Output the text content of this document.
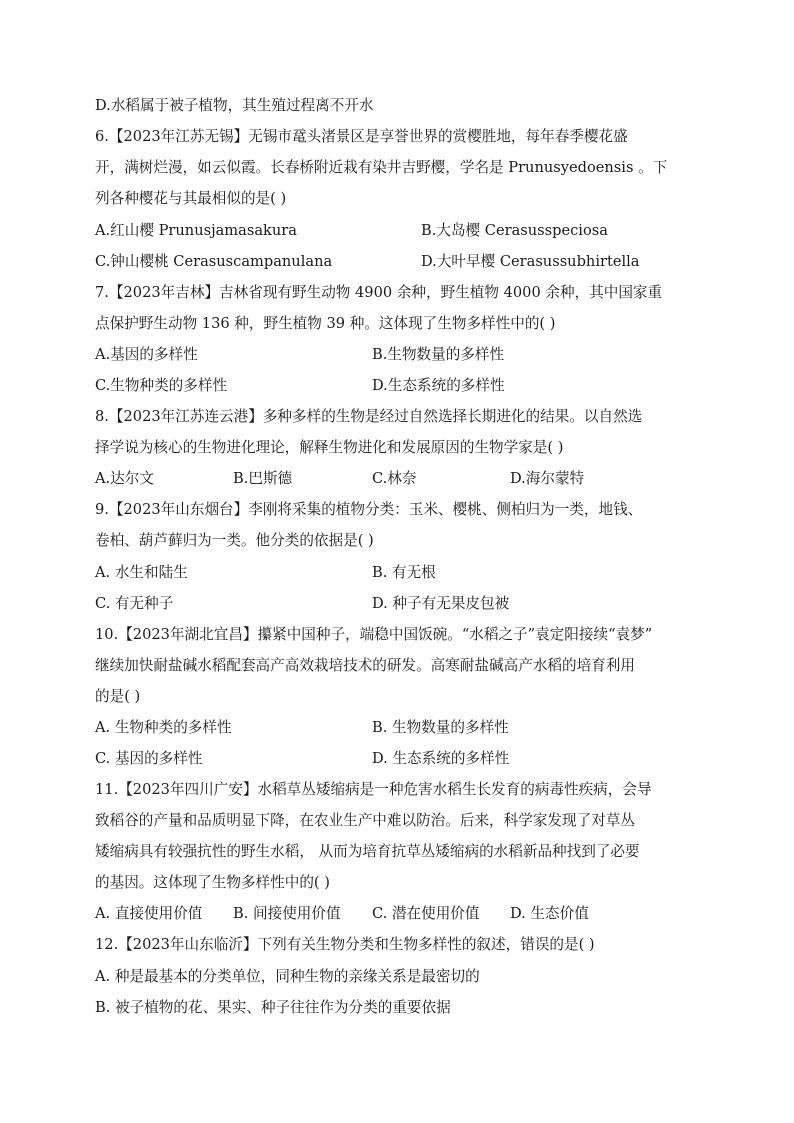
D.水稻属于被子植物，其生殖过程离不开水
6.【2023年江苏无锡】无锡市鼋头渚景区是享誉世界的赏樱胜地，每年春季樱花盛
开，满树烂漫，如云似霞。长春桥附近栽有染井吉野樱，学名是 Prunusyedoensis 。下
列各种樱花与其最相似的是( )
A.红山樱 Prunusjamasakura	B.大岛樱 Cerasusspeciosa
C.钟山樱桃 Cerasuscampanulana	D.大叶早樱 Cerasussubhirtella
7.【2023年吉林】吉林省现有野生动物 4900 余种，野生植物 4000 余种，其中国家重
点保护野生动物 136 种，野生植物 39 种。这体现了生物多样性中的( )
A.基因的多样性	B.生物数量的多样性
C.生物种类的多样性	D.生态系统的多样性
8.【2023年江苏连云港】多种多样的生物是经过自然选择长期进化的结果。以自然选
择学说为核心的生物进化理论，解释生物进化和发展原因的生物学家是( )
A.达尔文	B.巴斯德	C.林奈	D.海尔蒙特
9.【2023年山东烟台】李刚将采集的植物分类：玉米、樱桃、侧柏归为一类，地钱、
卷柏、葫芦藓归为一类。他分类的依据是( )
A. 水生和陆生	B. 有无根
C. 有无种子	D. 种子有无果皮包被
10.【2023年湖北宜昌】攥紧中国种子，端稳中国饭碗。“水稻之子”袁定阳接续“袁梦”
继续加快耐盐碱水稻配套高产高效栽培技术的研发。高寒耐盐碱高产水稻的培育利用
的是( )
A. 生物种类的多样性	B. 生物数量的多样性
C. 基因的多样性	D. 生态系统的多样性
11.【2023年四川广安】水稻草丛矮缩病是一种危害水稻生长发育的病毒性疾病，会导
致稻谷的产量和品质明显下降，在农业生产中难以防治。后来，科学家发现了对草丛
矮缩病具有较强抗性的野生水稻， 从而为培育抗草丛矮缩病的水稻新品种找到了必要
的基因。这体现了生物多样性中的( )
A. 直接使用价值 B. 间接使用价值 C. 潜在使用价值 D. 生态价值
12.【2023年山东临沂】下列有关生物分类和生物多样性的叙述，错误的是( )
A. 种是最基本的分类单位，同种生物的亲缘关系是最密切的
B. 被子植物的花、果实、种子往往作为分类的重要依据
